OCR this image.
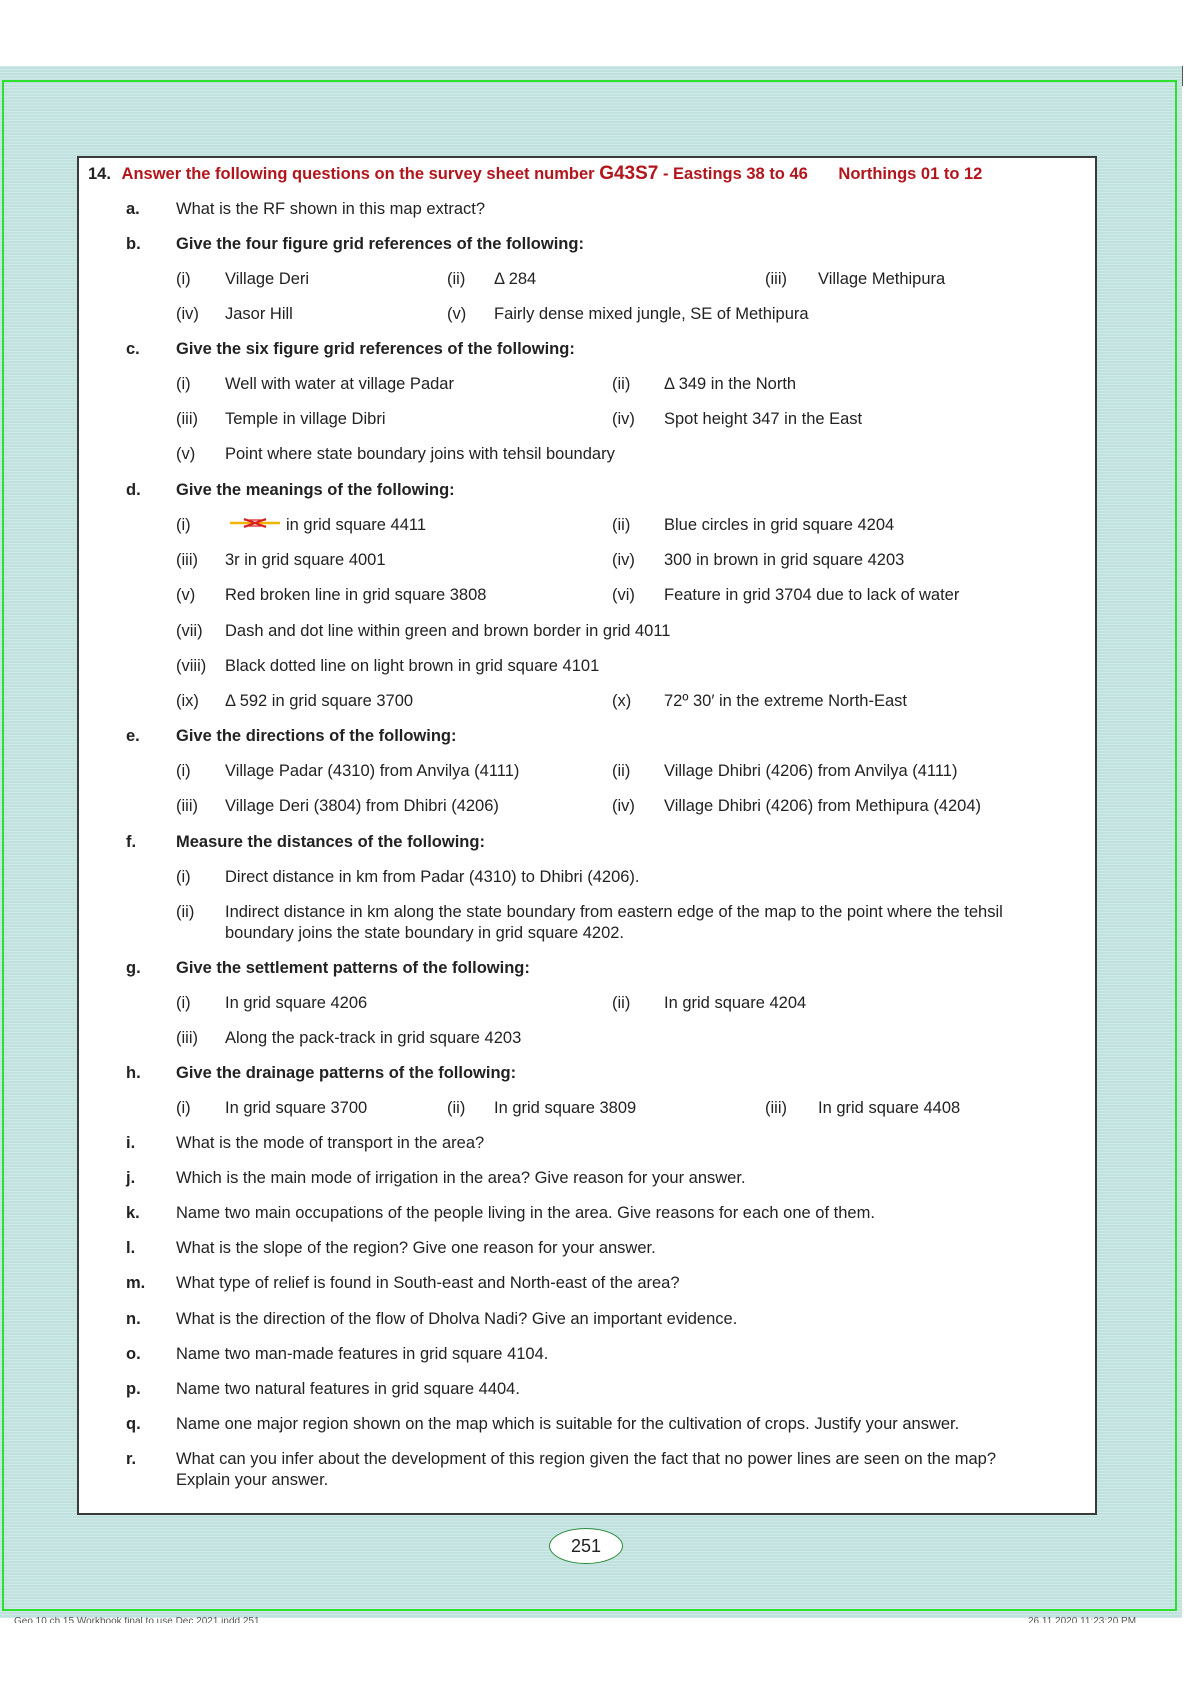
14. Answer the following questions on the survey sheet number G43S7 - Eastings 38 to 46 Northings 01 to 12
a. What is the RF shown in this map extract?
b. Give the four figure grid references of the following:
(i) Village Deri	(ii) Δ 284	(iii) Village Methipura
(iv) Jasor Hill	(v) Fairly dense mixed jungle, SE of Methipura
c. Give the six figure grid references of the following:
(i) Well with water at village Padar	(ii) Δ 349 in the North
(iii) Temple in village Dibri	(iv) Spot height 347 in the East
(v) Point where state boundary joins with tehsil boundary
d. Give the meanings of the following:
(i)	in grid square 4411	(ii) Blue circles in grid square 4204
(iii) 3r in grid square 4001	(iv) 300 in brown in grid square 4203
(v) Red broken line in grid square 3808	(vi) Feature in grid 3704 due to lack of water
(vii) Dash and dot line within green and brown border in grid 4011
(viii) Black dotted line on light brown in grid square 4101
(ix) Δ 592 in grid square 3700	(x) 72º 30′ in the extreme North-East
e. Give the directions of the following:
(i) Village Padar (4310) from Anvilya (4111)	(ii) Village Dhibri (4206) from Anvilya (4111)
(iii) Village Deri (3804) from Dhibri (4206)	(iv) Village Dhibri (4206) from Methipura (4204)
f. Measure the distances of the following:
(i) Direct distance in km from Padar (4310) to Dhibri (4206).
(ii) Indirect distance in km along the state boundary from eastern edge of the map to the point where the tehsil
boundary joins the state boundary in grid square 4202.
g. Give the settlement patterns of the following:
(i) In grid square 4206	(ii) In grid square 4204
(iii) Along the pack-track in grid square 4203
h. Give the drainage patterns of the following:
(i) In grid square 3700	(ii) In grid square 3809	(iii) In grid square 4408
i. What is the mode of transport in the area?
j. Which is the main mode of irrigation in the area? Give reason for your answer.
k. Name two main occupations of the people living in the area. Give reasons for each one of them.
l. What is the slope of the region? Give one reason for your answer.
m. What type of relief is found in South-east and North-east of the area?
n. What is the direction of the flow of Dholva Nadi? Give an important evidence.
o. Name two man-made features in grid square 4104.
p. Name two natural features in grid square 4404.
q. Name one major region shown on the map which is suitable for the cultivation of crops. Justify your answer.
r. What can you infer about the development of this region given the fact that no power lines are seen on the map?
Explain your answer.
251
Geo 10 ch 15 Workbook final to use Dec 2021.indd 251	26.11.2020 11:23:20 PM
